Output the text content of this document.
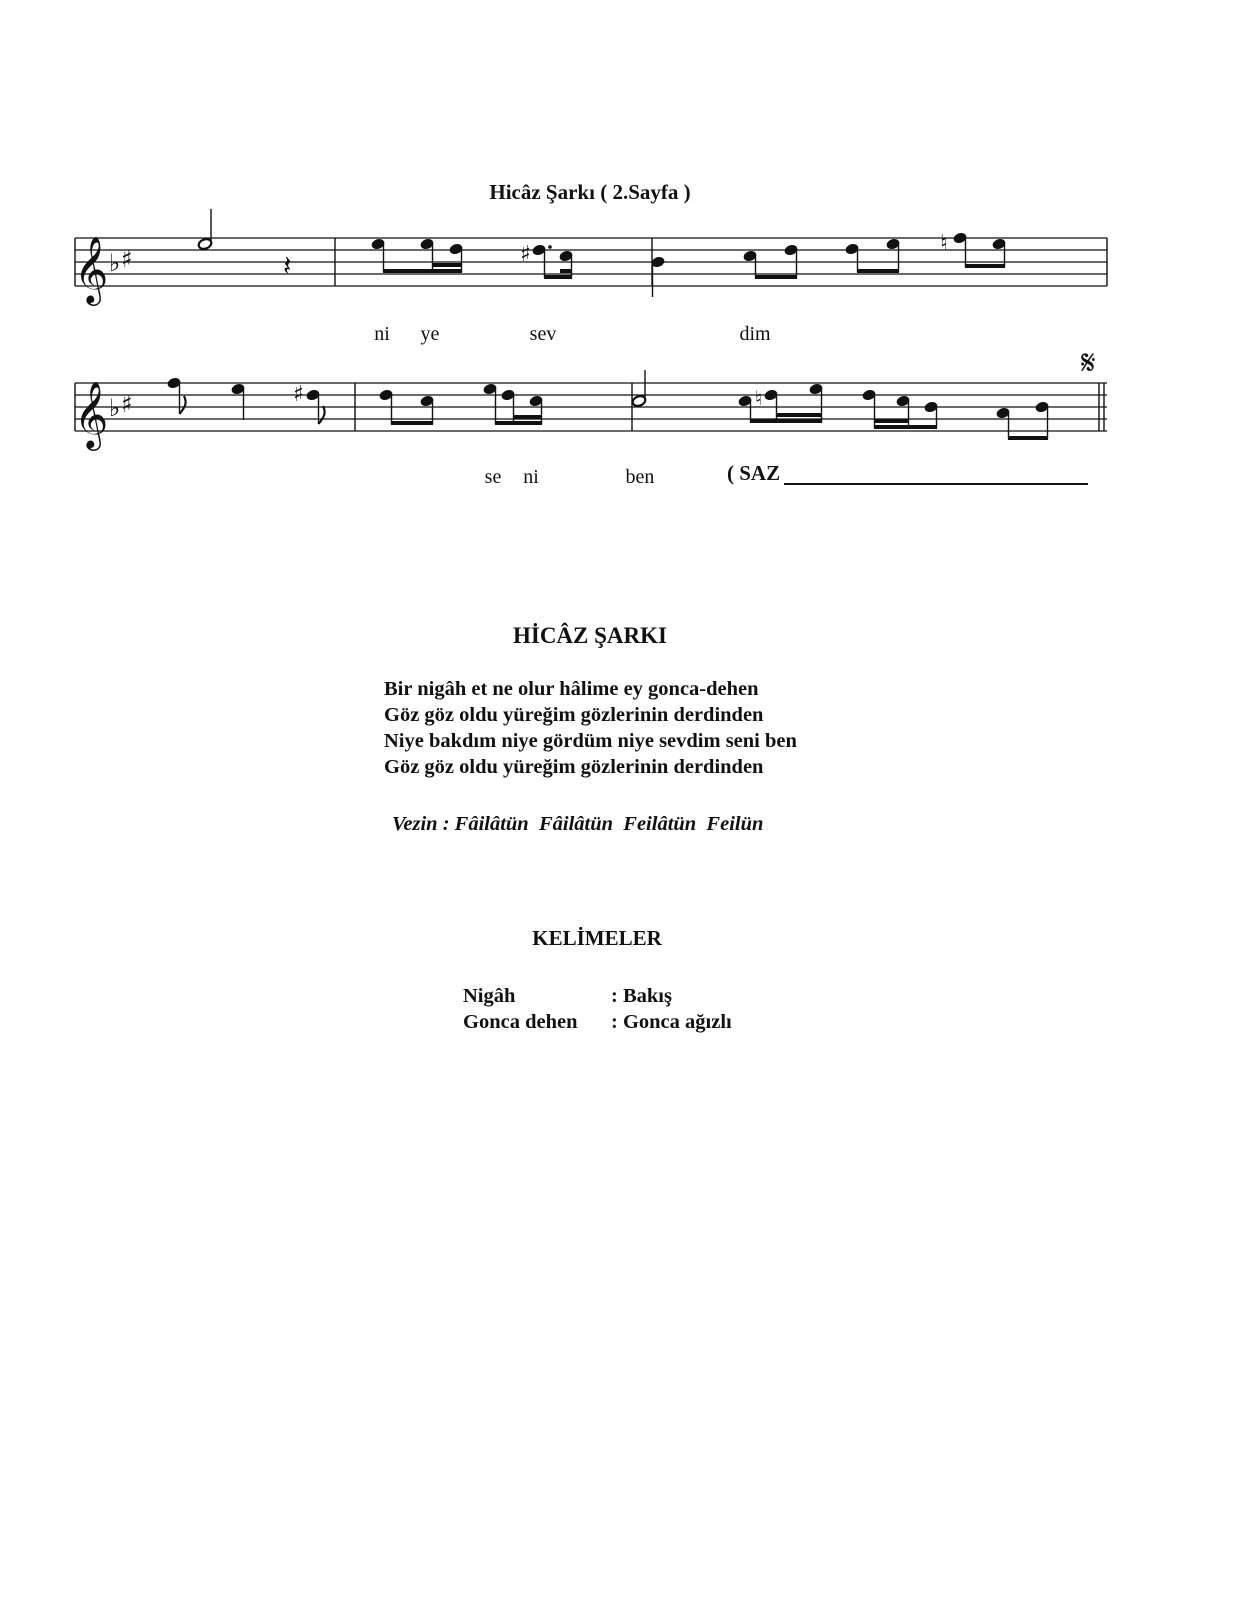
Hicâz Şarkı ( 2.Sayfa )
𝄞 ♭ ♯	𝄽	♯	♮
ni ye	sev	dim
𝄋
𝄞 ♭ ♯	♯	♮
se ni	ben	( SAZ
HİCÂZ ŞARKI
Bir nigâh et ne olur hâlime ey gonca-dehen
Göz göz oldu yüreğim gözlerinin derdinden
Niye bakdım niye gördüm niye sevdim seni ben
Göz göz oldu yüreğim gözlerinin derdinden
Vezin : Fâilâtün  Fâilâtün  Feilâtün  Feilün
KELİMELER
Nigâh	: Bakış
Gonca dehen	: Gonca ağızlı
